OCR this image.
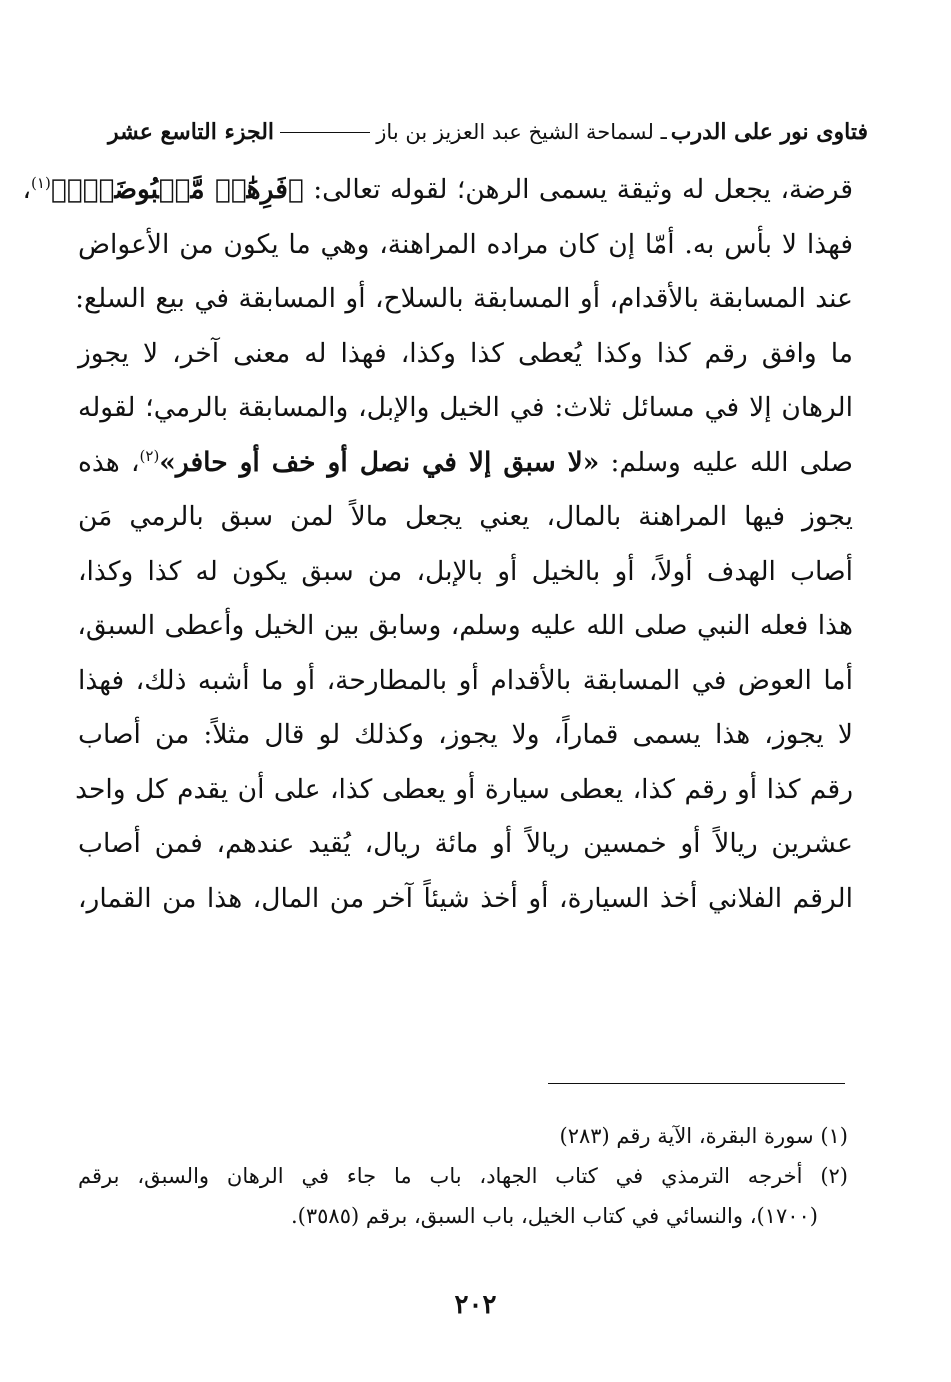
فتاوى نور على الدرب
ـ لسماحة الشيخ عبد العزيز بن باز
الجزء التاسع عشر
قرضة، يجعل له وثيقة يسمى الرهن؛ لقوله تعالى: ﴿فَرِهَٰنٞ مَّقۡبُوضَةٞۖ﴾$^{(١)}$،
فهذا لا بأس به. أمّا إن كان مراده المراهنة، وهي ما يكون من الأعواض
عند المسابقة بالأقدام، أو المسابقة بالسلاح، أو المسابقة في بيع السلع:
ما وافق رقم كذا وكذا يُعطى كذا وكذا، فهذا له معنى آخر، لا يجوز
الرهان إلا في مسائل ثلاث: في الخيل والإبل، والمسابقة بالرمي؛ لقوله
صلى الله عليه وسلم: «لا سبق إلا في نصل أو خف أو حافر»$^{(٢)}$، هذه
يجوز فيها المراهنة بالمال، يعني يجعل مالاً لمن سبق بالرمي مَن
أصاب الهدف أولاً، أو بالخيل أو بالإبل، من سبق يكون له كذا وكذا،
هذا فعله النبي صلى الله عليه وسلم، وسابق بين الخيل وأعطى السبق،
أما العوض في المسابقة بالأقدام أو بالمطارحة، أو ما أشبه ذلك، فهذا
لا يجوز، هذا يسمى قماراً، ولا يجوز، وكذلك لو قال مثلاً: من أصاب
رقم كذا أو رقم كذا، يعطى سيارة أو يعطى كذا، على أن يقدم كل واحد
عشرين ريالاً أو خمسين ريالاً أو مائة ريال، يُقيد عندهم، فمن أصاب
الرقم الفلاني أخذ السيارة، أو أخذ شيئاً آخر من المال، هذا من القمار،
(١) سورة البقرة، الآية رقم (٢٨٣)
(٢) أخرجه الترمذي في كتاب الجهاد، باب ما جاء في الرهان والسبق، برقم
(١٧٠٠)، والنسائي في كتاب الخيل، باب السبق، برقم (٣٥٨٥).
٢٠٢
